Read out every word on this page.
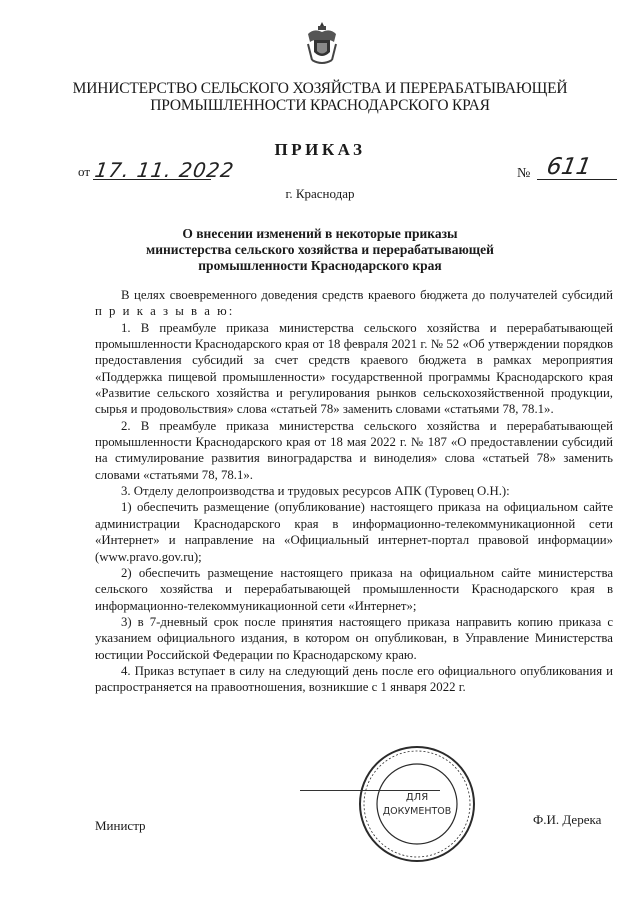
МИНИСТЕРСТВО СЕЛЬСКОГО ХОЗЯЙСТВА И ПЕРЕРАБАТЫВАЮЩЕЙ
ПРОМЫШЛЕННОСТИ КРАСНОДАРСКОГО КРАЯ
ПРИКАЗ
от 17. 11. 2022	№ 611
г. Краснодар
О внесении изменений в некоторые приказы
министерства сельского хозяйства и перерабатывающей
промышленности Краснодарского края

В целях своевременного доведения средств краевого бюджета до получателей субсидий п р и к а з ы в а ю:

1. В преамбуле приказа министерства сельского хозяйства и перерабатывающей промышленности Краснодарского края от 18 февраля 2021 г. № 52 «Об утверждении порядков предоставления субсидий за счет средств краевого бюджета в рамках мероприятия «Поддержка пищевой промышленности» государственной программы Краснодарского края «Развитие сельского хозяйства и регулирования рынков сельскохозяйственной продукции, сырья и продовольствия» слова «статьей 78» заменить словами «статьями 78, 78.1».

2. В преамбуле приказа министерства сельского хозяйства и перерабатывающей промышленности Краснодарского края от 18 мая 2022 г. № 187 «О предоставлении субсидий на стимулирование развития виноградарства и виноделия» слова «статьей 78» заменить словами «статьями 78, 78.1».

3. Отделу делопроизводства и трудовых ресурсов АПК (Туровец О.Н.):

1) обеспечить размещение (опубликование) настоящего приказа на официальном сайте администрации Краснодарского края в информационно-телекоммуникационной сети «Интернет» и направление на «Официальный интернет-портал правовой информации» (www.pravo.gov.ru);

2) обеспечить размещение настоящего приказа на официальном сайте министерства сельского хозяйства и перерабатывающей промышленности Краснодарского края в информационно-телекоммуникационной сети «Интернет»;

3) в 7-дневный срок после принятия настоящего приказа направить копию приказа с указанием официального издания, в котором он опубликован, в Управление Министерства юстиции Российской Федерации по Краснодарскому краю.

4. Приказ вступает в силу на следующий день после его официального опубликования и распространяется на правоотношения, возникшие с 1 января 2022 г.

ДЛЯ
ДОКУМЕНТОВ
Министр	Ф.И. Дерека
